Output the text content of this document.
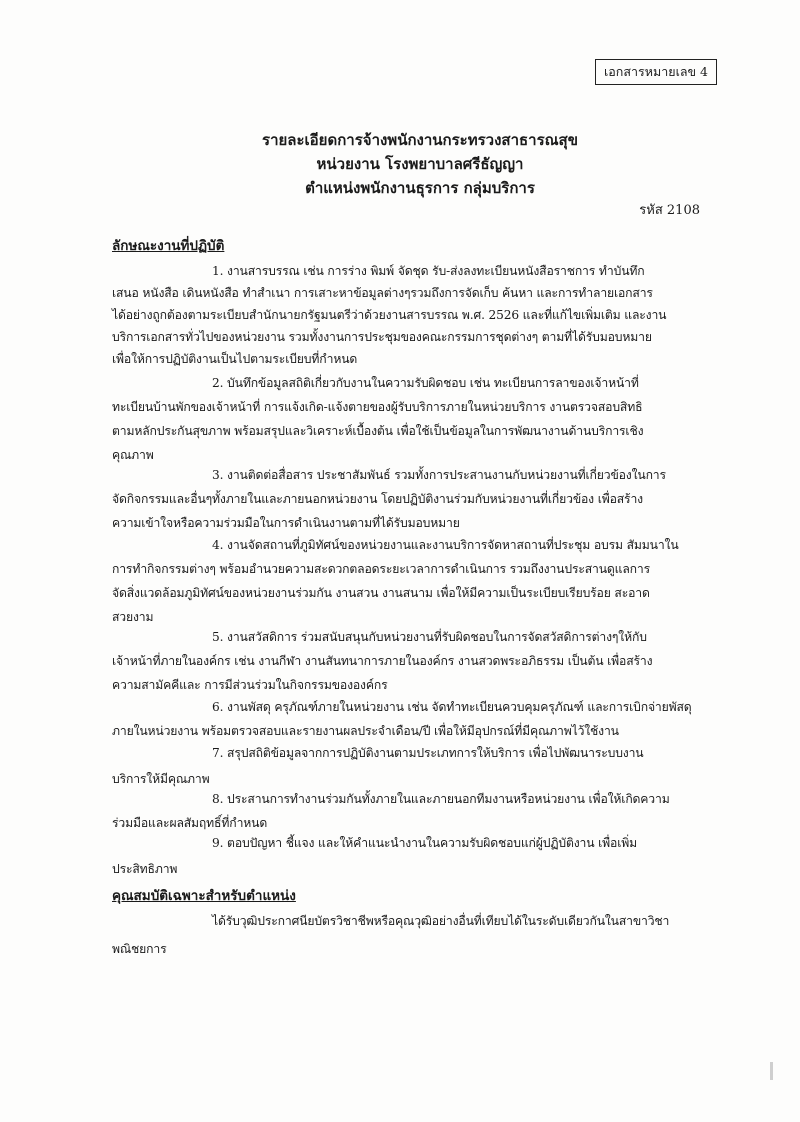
เอกสารหมายเลข 4
รายละเอียดการจ้างพนักงานกระทรวงสาธารณสุข
หน่วยงาน โรงพยาบาลศรีธัญญา
ตำแหน่งพนักงานธุรการ กลุ่มบริการ
รหัส 2108
ลักษณะงานที่ปฏิบัติ
1. งานสารบรรณ เช่น การร่าง พิมพ์ จัดชุด รับ-ส่งลงทะเบียนหนังสือราชการ ทำบันทึก
เสนอ หนังสือ เดินหนังสือ ทำสำเนา การเสาะหาข้อมูลต่างๆรวมถึงการจัดเก็บ ค้นหา และการทำลายเอกสาร
ได้อย่างถูกต้องตามระเบียบสำนักนายกรัฐมนตรีว่าด้วยงานสารบรรณ พ.ศ. 2526 และที่แก้ไขเพิ่มเติม และงาน
บริการเอกสารทั่วไปของหน่วยงาน รวมทั้งงานการประชุมของคณะกรรมการชุดต่างๆ ตามที่ได้รับมอบหมาย
เพื่อให้การปฏิบัติงานเป็นไปตามระเบียบที่กำหนด
2. บันทึกข้อมูลสถิติเกี่ยวกับงานในความรับผิดชอบ เช่น ทะเบียนการลาของเจ้าหน้าที่
ทะเบียนบ้านพักของเจ้าหน้าที่ การแจ้งเกิด-แจ้งตายของผู้รับบริการภายในหน่วยบริการ งานตรวจสอบสิทธิ
ตามหลักประกันสุขภาพ พร้อมสรุปและวิเคราะห์เบื้องต้น เพื่อใช้เป็นข้อมูลในการพัฒนางานด้านบริการเชิง
คุณภาพ
3. งานติดต่อสื่อสาร ประชาสัมพันธ์ รวมทั้งการประสานงานกับหน่วยงานที่เกี่ยวข้องในการ
จัดกิจกรรมและอื่นๆทั้งภายในและภายนอกหน่วยงาน โดยปฏิบัติงานร่วมกับหน่วยงานที่เกี่ยวข้อง เพื่อสร้าง
ความเข้าใจหรือความร่วมมือในการดำเนินงานตามที่ได้รับมอบหมาย
4. งานจัดสถานที่ภูมิทัศน์ของหน่วยงานและงานบริการจัดหาสถานที่ประชุม อบรม สัมมนาใน
การทำกิจกรรมต่างๆ พร้อมอำนวยความสะดวกตลอดระยะเวลาการดำเนินการ รวมถึงงานประสานดูแลการ
จัดสิ่งแวดล้อมภูมิทัศน์ของหน่วยงานร่วมกัน งานสวน งานสนาม เพื่อให้มีความเป็นระเบียบเรียบร้อย สะอาด
สวยงาม
5. งานสวัสดิการ ร่วมสนับสนุนกับหน่วยงานที่รับผิดชอบในการจัดสวัสดิการต่างๆให้กับ
เจ้าหน้าที่ภายในองค์กร เช่น งานกีฬา งานสันทนาการภายในองค์กร งานสวดพระอภิธรรม เป็นต้น เพื่อสร้าง
ความสามัคคีและ การมีส่วนร่วมในกิจกรรมขององค์กร
6. งานพัสดุ ครุภัณฑ์ภายในหน่วยงาน เช่น จัดทำทะเบียนควบคุมครุภัณฑ์ และการเบิกจ่ายพัสดุ
ภายในหน่วยงาน พร้อมตรวจสอบและรายงานผลประจำเดือน/ปี เพื่อให้มีอุปกรณ์ที่มีคุณภาพไว้ใช้งาน
7. สรุปสถิติข้อมูลจากการปฏิบัติงานตามประเภทการให้บริการ เพื่อไปพัฒนาระบบงาน
บริการให้มีคุณภาพ
8. ประสานการทำงานร่วมกันทั้งภายในและภายนอกทีมงานหรือหน่วยงาน เพื่อให้เกิดความ
ร่วมมือและผลสัมฤทธิ์ที่กำหนด
9. ตอบปัญหา ชี้แจง และให้คำแนะนำงานในความรับผิดชอบแก่ผู้ปฏิบัติงาน เพื่อเพิ่ม
ประสิทธิภาพ
คุณสมบัติเฉพาะสำหรับตำแหน่ง
ได้รับวุฒิประกาศนียบัตรวิชาชีพหรือคุณวุฒิอย่างอื่นที่เทียบได้ในระดับเดียวกันในสาขาวิชา
พณิชยการ
